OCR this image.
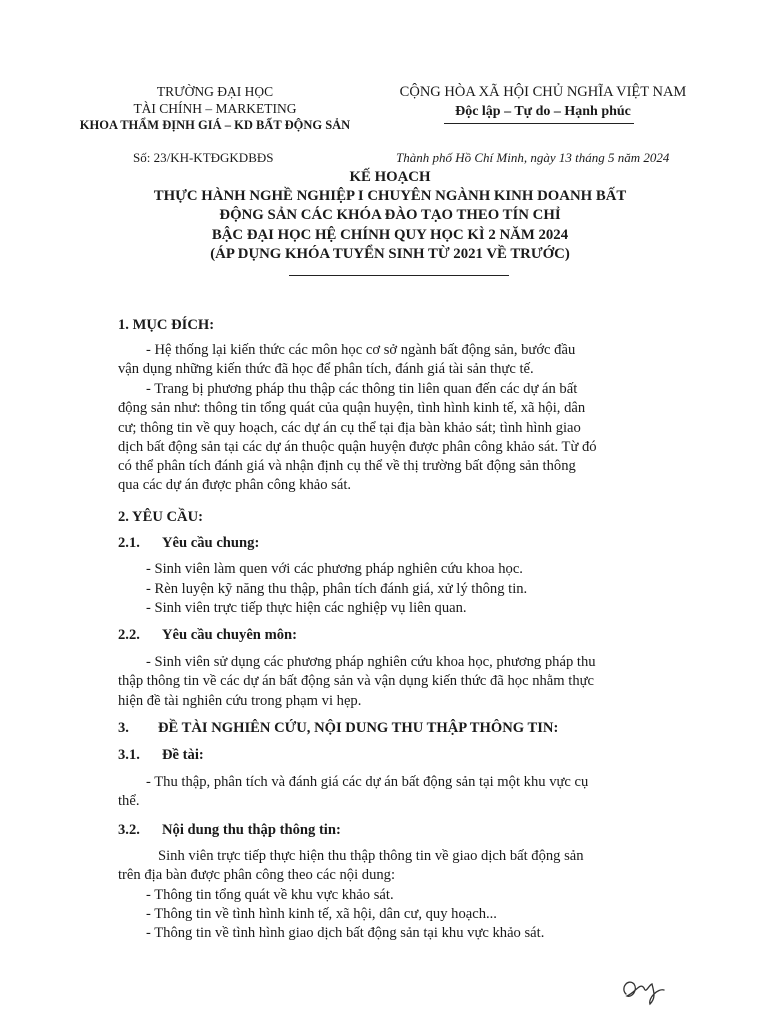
TRƯỜNG ĐẠI HỌC
TÀI CHÍNH – MARKETING
KHOA THẨM ĐỊNH GIÁ – KD BẤT ĐỘNG SẢN
CỘNG HÒA XÃ HỘI CHỦ NGHĨA VIỆT NAM
Độc lập – Tự do – Hạnh phúc
Số: 23/KH-KTĐGKDBĐS	Thành phố Hồ Chí Minh, ngày 13 tháng 5 năm 2024
KẾ HOẠCH
THỰC HÀNH NGHỀ NGHIỆP I CHUYÊN NGÀNH KINH DOANH BẤT
ĐỘNG SẢN CÁC KHÓA ĐÀO TẠO THEO TÍN CHỈ
BẬC ĐẠI HỌC HỆ CHÍNH QUY HỌC KÌ 2 NĂM 2024
(ÁP DỤNG KHÓA TUYỂN SINH TỪ 2021 VỀ TRƯỚC)
1. MỤC ĐÍCH:
- Hệ thống lại kiến thức các môn học cơ sở ngành bất động sản, bước đầu
vận dụng những kiến thức đã học để phân tích, đánh giá tài sản thực tế.
- Trang bị phương pháp thu thập các thông tin liên quan đến các dự án bất
động sản như: thông tin tổng quát của quận huyện, tình hình kinh tế, xã hội, dân
cư; thông tin về quy hoạch, các dự án cụ thể tại địa bàn khảo sát; tình hình giao
dịch bất động sản tại các dự án thuộc quận huyện được phân công khảo sát. Từ đó
có thể phân tích đánh giá và nhận định cụ thể về thị trường bất động sản thông
qua các dự án được phân công khảo sát.
2. YÊU CẦU:
2.1. Yêu cầu chung:
- Sinh viên làm quen với các phương pháp nghiên cứu khoa học.
- Rèn luyện kỹ năng thu thập, phân tích đánh giá, xử lý thông tin.
- Sinh viên trực tiếp thực hiện các nghiệp vụ liên quan.
2.2. Yêu cầu chuyên môn:
- Sinh viên sử dụng các phương pháp nghiên cứu khoa học, phương pháp thu
thập thông tin về các dự án bất động sản và vận dụng kiến thức đã học nhằm thực
hiện đề tài nghiên cứu trong phạm vi hẹp.
3. ĐỀ TÀI NGHIÊN CỨU, NỘI DUNG THU THẬP THÔNG TIN:
3.1. Đề tài:
- Thu thập, phân tích và đánh giá các dự án bất động sản tại một khu vực cụ
thể.
3.2. Nội dung thu thập thông tin:
Sinh viên trực tiếp thực hiện thu thập thông tin về giao dịch bất động sản
trên địa bàn được phân công theo các nội dung:
- Thông tin tổng quát về khu vực khảo sát.
- Thông tin về tình hình kinh tế, xã hội, dân cư, quy hoạch...
- Thông tin về tình hình giao dịch bất động sản tại khu vực khảo sát.
